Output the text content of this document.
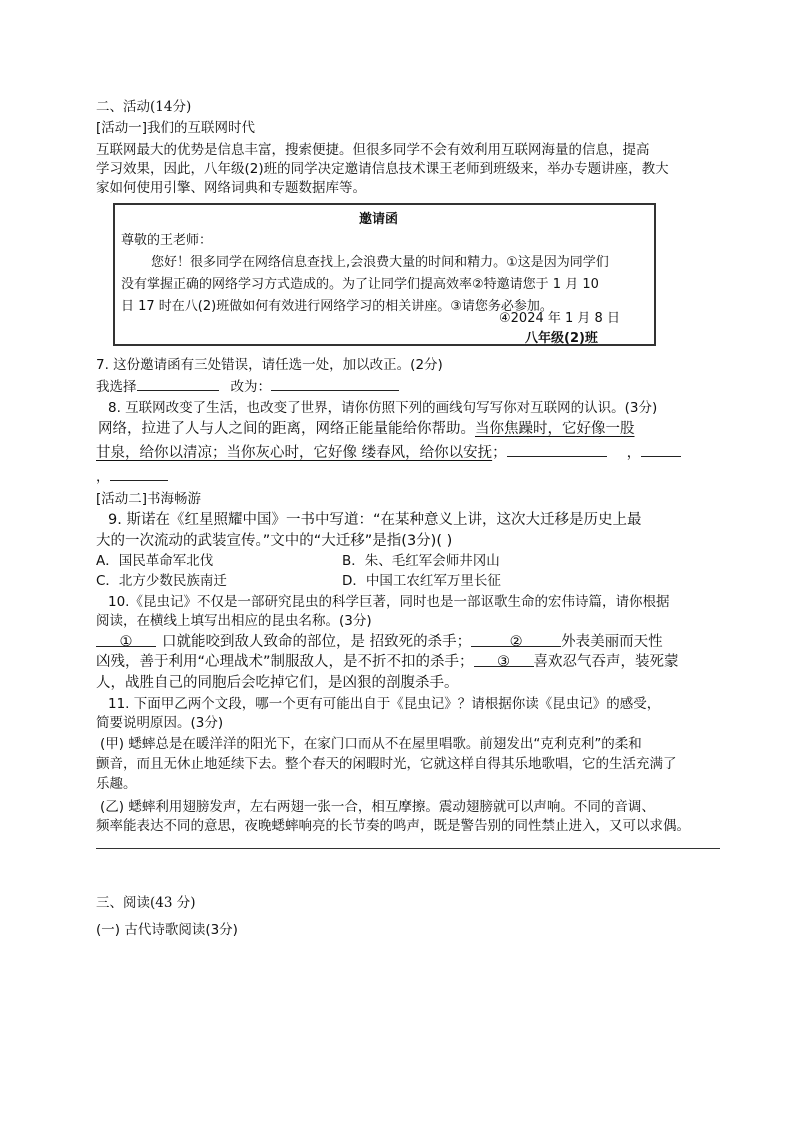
二、活动(14分)
[活动一]我们的互联网时代
互联网最大的优势是信息丰富，搜索便捷。但很多同学不会有效利用互联网海量的信息，提高
学习效果，因此，八年级(2)班的同学决定邀请信息技术课王老师到班级来，举办专题讲座，教大
家如何使用引擎、网络词典和专题数据库等。
邀请函
尊敬的王老师：
您好！很多同学在网络信息查找上,会浪费大量的时间和精力。①这是因为同学们
没有掌握正确的网络学习方式造成的。为了让同学们提高效率②特邀请您于 1 月 10
日 17 时在八(2)班做如何有效进行网络学习的相关讲座。③请您务必参加。
④2024 年 1 月 8 日
八年级(2)班
7. 这份邀请函有三处错误，请任选一处，加以改正。(2分)
我选择	改为：
8. 互联网改变了生活，也改变了世界，请你仿照下列的画线句写写你对互联网的认识。(3分)
网络，拉进了人与人之间的距离，网络正能量能给你帮助。当你焦躁时，它好像一股
甘泉，给你以清凉；当你灰心时，它好像 缕春风，给你以安抚；	，
，
[活动二]书海畅游
9. 斯诺在《红星照耀中国》一书中写道：“在某种意义上讲，这次大迁移是历史上最
大的一次流动的武装宣传。”文中的“大迁移”是指(3分)( )
A．国民革命军北伐	B．朱、毛红军会师井冈山
C．北方少数民族南迁	D．中国工农红军万里长征
10.《昆虫记》不仅是一部研究昆虫的科学巨著，同时也是一部讴歌生命的宏伟诗篇，请你根据
阅读，在横线上填写出相应的昆虫名称。(3分)
① 口就能咬到敌人致命的部位，是 招致死的杀手；	②	外表美丽而天性
凶残，善于利用“心理战术”制服敌人，是不折不扣的杀手； ③ 喜欢忍气吞声，装死蒙
人，战胜自己的同胞后会吃掉它们，是凶狠的剖腹杀手。
11. 下面甲乙两个文段，哪一个更有可能出自于《昆虫记》？请根据你读《昆虫记》的感受，
简要说明原因。(3分)
(甲) 蟋蟀总是在暖洋洋的阳光下，在家门口而从不在屋里唱歌。前翅发出“克利克利”的柔和
颤音，而且无休止地延续下去。整个春天的闲暇时光，它就这样自得其乐地歌唱，它的生活充满了
乐趣。
(乙) 蟋蟀利用翅膀发声，左右两翅一张一合，相互摩擦。震动翅膀就可以声响。不同的音调、
频率能表达不同的意思，夜晚蟋蟀响亮的长节奏的鸣声，既是警告别的同性禁止进入，又可以求偶。
三、阅读(43 分)
(一) 古代诗歌阅读(3分)
